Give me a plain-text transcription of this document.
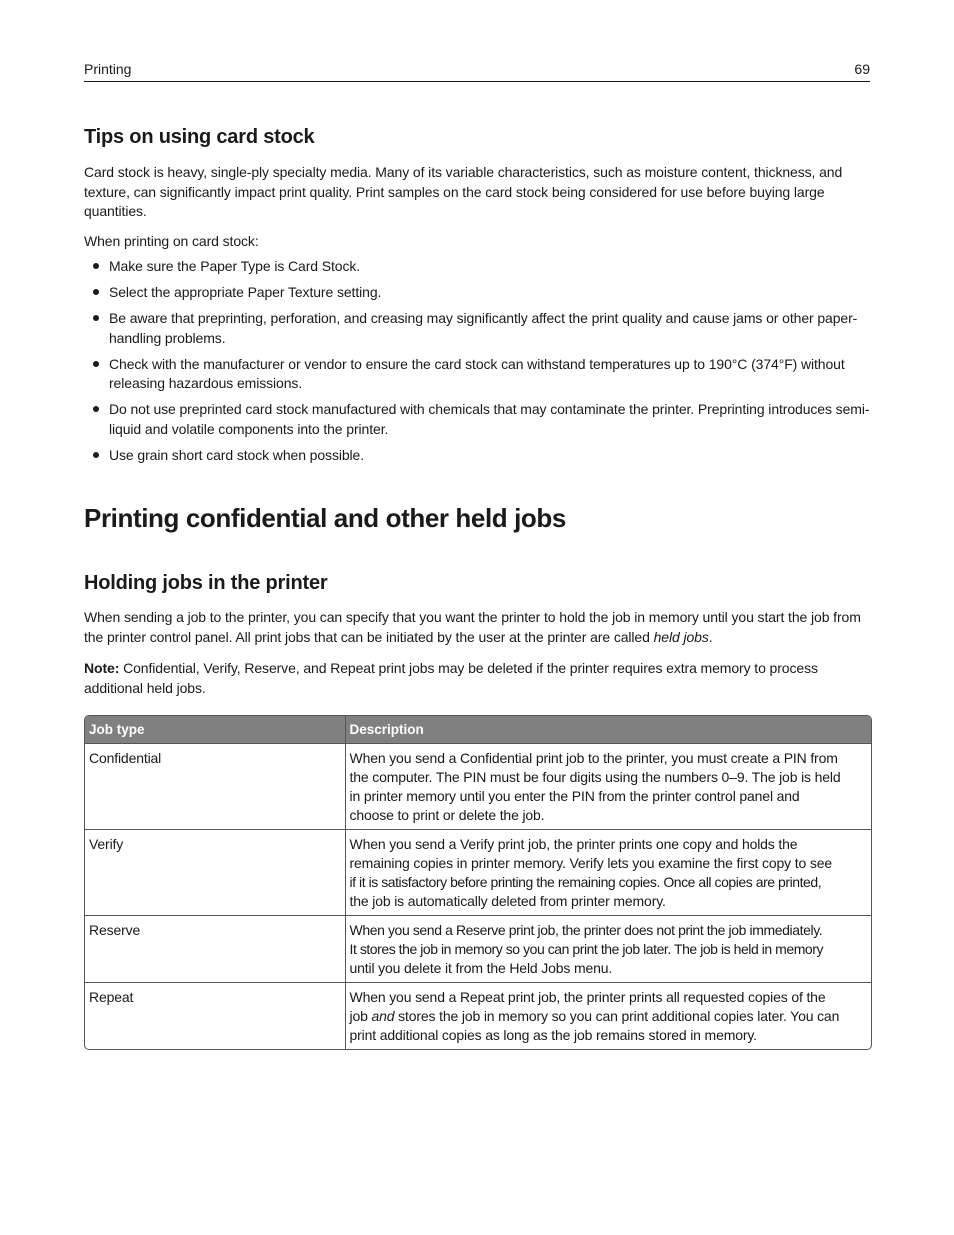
Printing	69
Tips on using card stock

Card stock is heavy, single-ply specialty media. Many of its variable characteristics, such as moisture content, thickness, and texture, can significantly impact print quality. Print samples on the card stock being considered for use before buying large quantities.

When printing on card stock:

Make sure the Paper Type is Card Stock.
Select the appropriate Paper Texture setting.
Be aware that preprinting, perforation, and creasing may significantly affect the print quality and cause jams or other paper-handling problems.
Check with the manufacturer or vendor to ensure the card stock can withstand temperatures up to 190°C (374°F) without releasing hazardous emissions.
Do not use preprinted card stock manufactured with chemicals that may contaminate the printer. Preprinting introduces semi-liquid and volatile components into the printer.
Use grain short card stock when possible.
Printing confidential and other held jobs
Holding jobs in the printer

When sending a job to the printer, you can specify that you want the printer to hold the job in memory until you start the job from the printer control panel. All print jobs that can be initiated by the user at the printer are called held jobs.

Note: Confidential, Verify, Reserve, and Repeat print jobs may be deleted if the printer requires extra memory to process additional held jobs.

Job type	Description
Confidential	When you send a Confidential print job to the printer, you must create a PIN from
the computer. The PIN must be four digits using the numbers 0–9. The job is held
in printer memory until you enter the PIN from the printer control panel and
choose to print or delete the job.

Verify	When you send a Verify print job, the printer prints one copy and holds the
remaining copies in printer memory. Verify lets you examine the first copy to see
if it is satisfactory before printing the remaining copies. Once all copies are printed,
the job is automatically deleted from printer memory.

Reserve	When you send a Reserve print job, the printer does not print the job immediately.
It stores the job in memory so you can print the job later. The job is held in memory
until you delete it from the Held Jobs menu.

Repeat	When you send a Repeat print job, the printer prints all requested copies of the
job and stores the job in memory so you can print additional copies later. You can
print additional copies as long as the job remains stored in memory.
